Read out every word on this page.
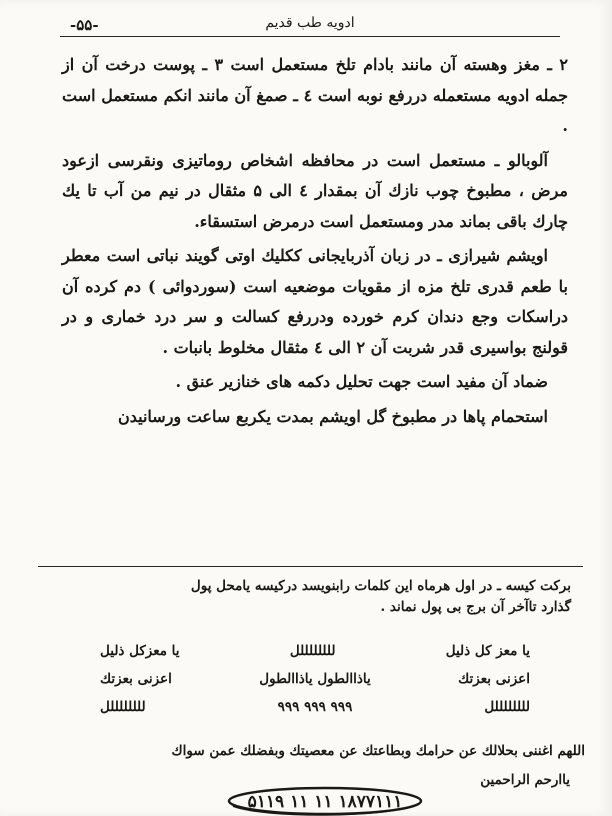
-۵۵-	ادویه طب قدیم

۲ ـ مغز وهسته آن مانند بادام تلخ مستعمل است ۳ ـ پوست درخت آن از جمله ادویه مستعمله دررفع نوبه است ٤ ـ صمغ آن مانند انکم مستعمل است .

آلوبالو ـ مستعمل است در محافظه اشخاص روماتیزی ونقرسی ازعود مرض ، مطبوخ چوب نازك آن بمقدار ٤ الی ۵ مثقال در نیم من آب تا یك چارك باقی بماند مدر ومستعمل است درمرض استسقاء.

اویشم شیرازی ـ در زبان آذربایجانی ککلیك اوتی گویند نباتی است معطر با طعم قدری تلخ مزه از مقویات موضعیه است (سوردوائی ) دم کرده آن دراسکات وجع دندان کرم خورده ودررفع کسالت و سر درد خماری و در قولنج بواسیری قدر شربت آن ۲ الی ٤ مثقال مخلوط بانبات .

ضماد آن مفید است جهت تحلیل دکمه های خنازیر عنق .

استحمام پاها در مطبوخ گل اویشم بمدت یکربع ساعت ورسانیدن

برکت کیسه ـ در اول هرماه این کلمات رابنویسد درکیسه یامحل پول
گذارد تاآخر آن برج بی پول نماند .
یا معز کل ذلیل
للللللللل
یا معزکل ذلیل
اعزنی بعزتك
یاذاالطول یاذاالطول
اعزنی بعزتك
للللللللل
۹۹۹ ۹۹۹ ۹۹۹
للللللللل
اللهم اغننی بحلالك عن حرامك وبطاعتك عن معصیتك وبفضلك عمن سواك
یاارحم الراحمین
۱۸۷۷۱۱۱ ۱۱ ۱۱ ۵۱۱۹
